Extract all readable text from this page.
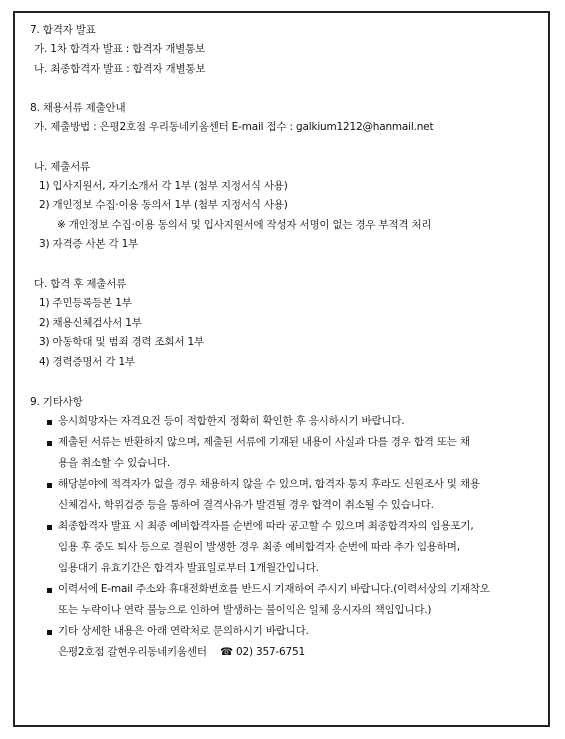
7. 합격자 발표
가. 1차 합격자 발표 : 합격자 개별통보
나. 최종합격자 발표 : 합격자 개별통보
8. 채용서류 제출안내
가. 제출방법 : 은평2호점 우리동네키움센터 E-mail 접수 : galkium1212@hanmail.net
나. 제출서류
1) 입사지원서, 자기소개서 각 1부 (첨부 지정서식 사용)
2) 개인정보 수집·이용 동의서 1부 (첨부 지정서식 사용)
※ 개인정보 수집·이용 동의서 및 입사지원서에 작성자 서명이 없는 경우 부적격 처리
3) 자격증 사본 각 1부
다. 합격 후 제출서류
1) 주민등록등본 1부
2) 채용신체검사서 1부
3) 아동학대 및 범죄 경력 조회서 1부
4) 경력증명서 각 1부
9. 기타사항
응시희망자는 자격요건 등이 적합한지 정확히 확인한 후 응시하시기 바랍니다.
제출된 서류는 반환하지 않으며, 제출된 서류에 기재된 내용이 사실과 다를 경우 합격 또는 채
용을 취소할 수 있습니다.
해당분야에 적격자가 없을 경우 채용하지 않을 수 있으며, 합격자 통지 후라도 신원조사 및 채용
신체검사, 학위검증 등을 통하여 결격사유가 발견될 경우 합격이 취소될 수 있습니다.
최종합격자 발표 시 최종 예비합격자를 순번에 따라 공고할 수 있으며 최종합격자의 임용포기,
임용 후 중도 퇴사 등으로 결원이 발생한 경우 최종 예비합격자 순번에 따라 추가 임용하며,
임용대기 유효기간은 합격자 발표일로부터 1개월간입니다.
이력서에 E-mail 주소와 휴대전화번호를 반드시 기재하여 주시기 바랍니다.(이력서상의 기재착오
또는 누락이나 연락 불능으로 인하여 발생하는 불이익은 일체 응시자의 책임입니다.)
기타 상세한 내용은 아래 연락처로 문의하시기 바랍니다.
은평2호점 갈현우리동네키움센터 ☎ 02) 357-6751
